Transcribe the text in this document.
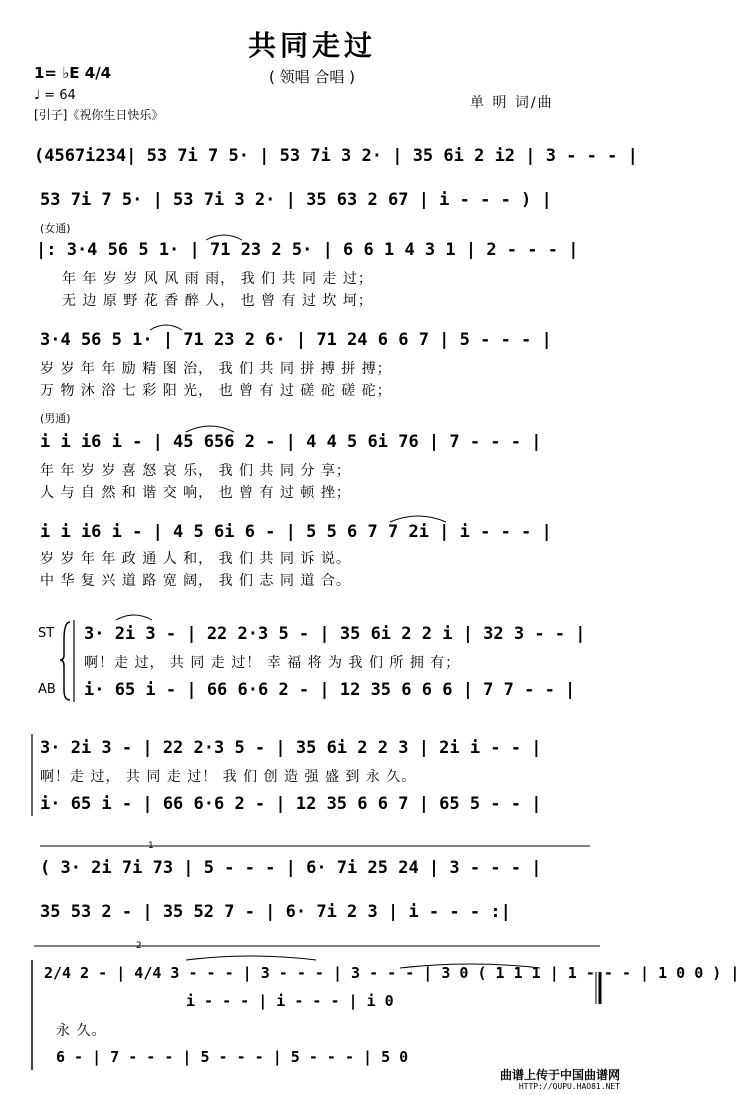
共同走过
( 领唱 合唱 )
1= ♭E 4/4
♩ = 64
[引子]《祝你生日快乐》
单 明 词/曲
(4567i234| 53 7i 7 5· | 53 7i 3 2· | 35 6i 2 i2 | 3 - - - |
53 7i 7 5· | 53 7i 3 2· | 35 63 2 67 | i - - - ) |
(女通)
|: 3·4 56 5 1· | 71 23 2 5· | 6 6 1 4 3 1 | 2 - - - |
年 年 岁 岁 风 风 雨 雨， 我 们 共 同 走 过；
无 边 原 野 花 香 醉 人， 也 曾 有 过 坎 坷；
3·4 56 5 1· | 71 23 2 6· | 71 24 6 6 7 | 5 - - - |
岁 岁 年 年 励 精 图 治， 我 们 共 同 拼 搏 拼 搏；
万 物 沐 浴 七 彩 阳 光， 也 曾 有 过 磋 砣 磋 砣；
(男通)
i i i6 i - | 45 656 2 - | 4 4 5 6i 76 | 7 - - - |
年 年 岁 岁 喜 怒 哀 乐， 我 们 共 同 分 享；
人 与 自 然 和 谐 交 响， 也 曾 有 过 顿 挫；
i i i6 i - | 4 5 6i 6 - | 5 5 6 7 7 2i | i - - - |
岁 岁 年 年 政 通 人 和， 我 们 共 同 诉 说。
中 华 复 兴 道 路 宽 阔， 我 们 志 同 道 合。
ST
AB
3· 2i 3 - | 22 2·3 5 - | 35 6i 2 2 i | 32 3 - - |
啊！走 过， 共 同 走 过！ 幸 福 将 为 我 们 所 拥 有；
i· 65 i - | 66 6·6 2 - | 12 35 6 6 6 | 7 7 - - |
3· 2i 3 - | 22 2·3 5 - | 35 6i 2 2 3 | 2i i - - |
啊！走 过， 共 同 走 过！ 我 们 创 造 强 盛 到 永 久。
i· 65 i - | 66 6·6 2 - | 12 35 6 6 7 | 65 5 - - |
( 3· 2i 7i 73 | 5 - - - | 6· 7i 25 24 | 3 - - - |
35 53 2 - | 35 52 7 - | 6· 7i 2 3 | i - - - :|
2/4 2 - | 4/4 3 - - - | 3 - - - | 3 - - - | 3 0 ( 1 1 1 | 1 - - - | 1 0 0 ) |
i - - - | i - - - | i 0
永 久。
6 - | 7 - - - | 5 - - - | 5 - - - | 5 0
1
2
曲谱上传于中国曲谱网
HTTP://QUPU.HAO81.NET
